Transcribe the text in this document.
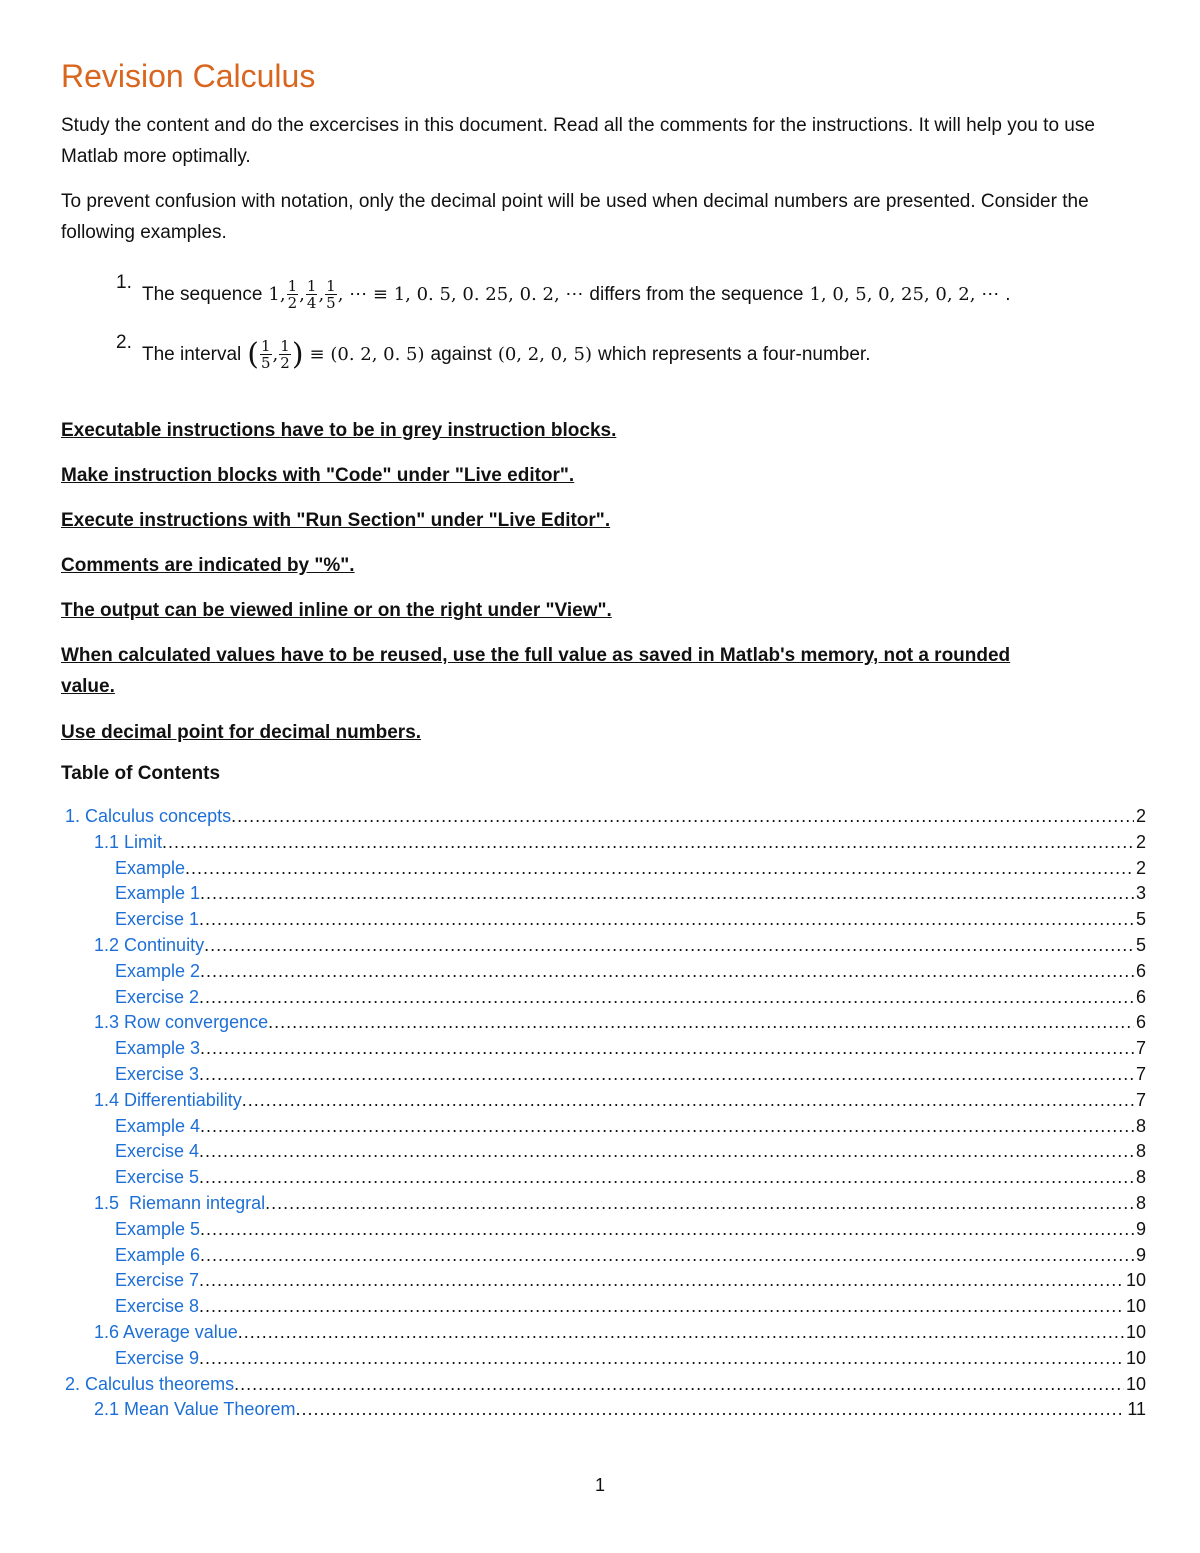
Revision Calculus

Study the content and do the excercises in this document. Read all the comments for the instructions. It will help you to use Matlab more optimally.

To prevent confusion with notation, only the decimal point will be used when decimal numbers are presented. Consider the following examples.

1.
The sequence 1, $\frac{1}{2}$ , $\frac{1}{4}$ , $\frac{1}{5}$ , ⋯ ≡ 1, 0. 5, 0. 25, 0. 2, ⋯ differs from the sequence 1, 0, 5, 0, 25, 0, 2, ⋯ .
2.
The interval ( $\frac{1}{5}$ , $\frac{1}{2}$ ) ≡ (0. 2, 0. 5) against (0, 2, 0, 5) which represents a four-number.
Executable instructions have to be in grey instruction blocks.
Make instruction blocks with "Code" under "Live editor".
Execute instructions with "Run Section" under "Live Editor".
Comments are indicated by "%".
The output can be viewed inline or on the right under "View".
When calculated values have to be reused, use the full value as saved in Matlab's memory, not a rounded value.
Use decimal point for decimal numbers.
Table of Contents
1. Calculus concepts .....	2
1.1 Limit .....	2
Example .....	2
Example 1 .....	3
Exercise 1 .....	5
1.2 Continuity .....	5
Example 2 .....	6
Exercise 2 .....	6
1.3 Row convergence .....	6
Example 3 .....	7
Exercise 3 .....	7
1.4 Differentiability .....	7
Example 4 .....	8
Exercise 4 .....	8
Exercise 5 .....	8
1.5  Riemann integral .....	8
Example 5 .....	9
Example 6 .....	9
Exercise 7 .....	10
Exercise 8 .....	10
1.6 Average value .....	10
Exercise 9 .....	10
2. Calculus theorems .....	10
2.1 Mean Value Theorem .....	11
1
